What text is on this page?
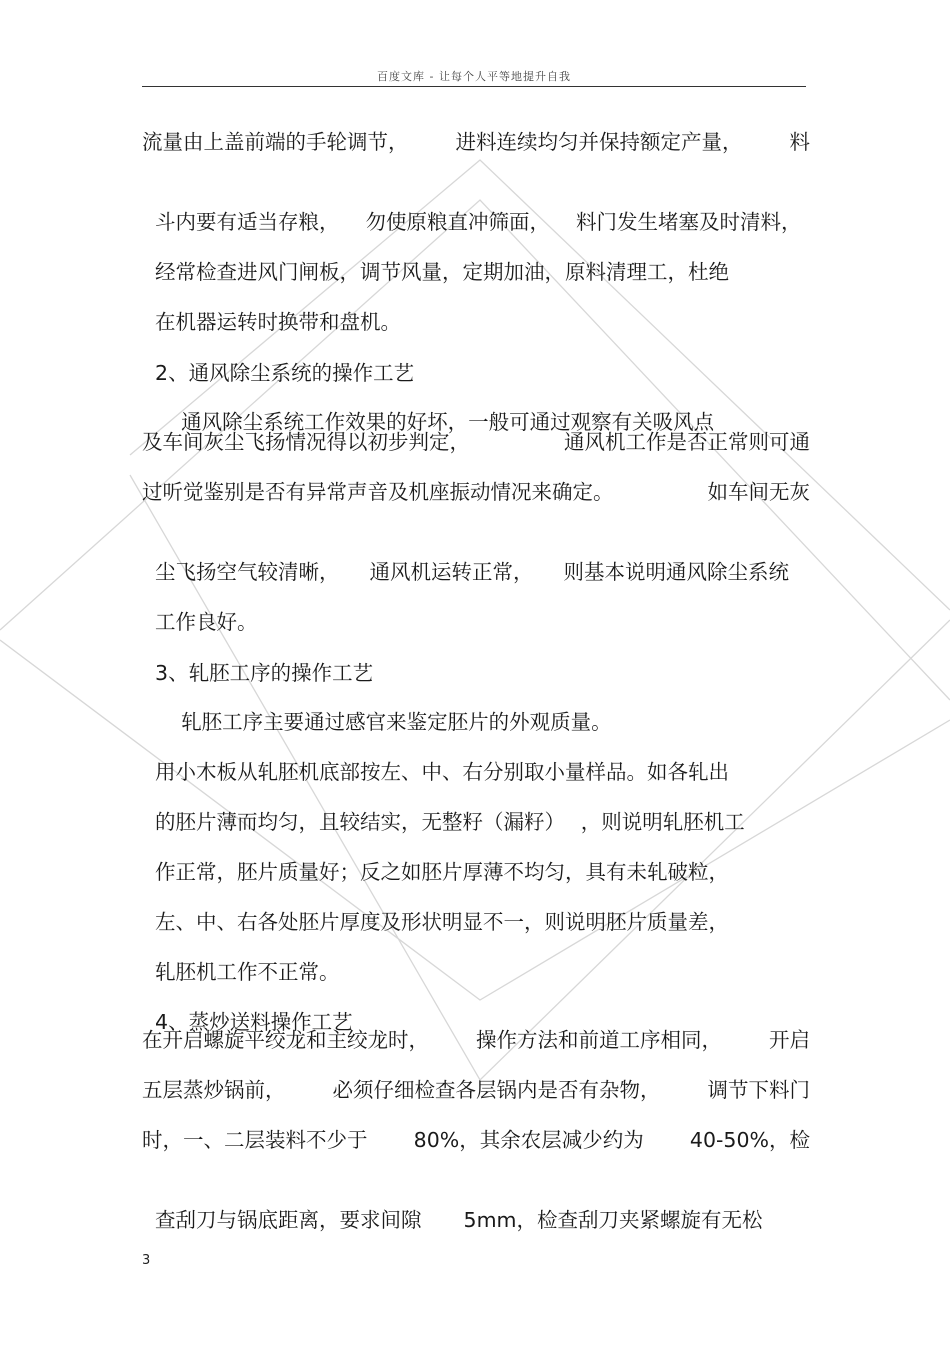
百度文库 - 让每个人平等地提升自我
流量由上盖前端的手轮调节， 进料连续均匀并保持额定产量， 料

斗内要有适当存粮， 勿使原粮直冲筛面， 料门发生堵塞及时清料，

经常检查进风门闸板，调节风量，定期加油，原料清理工，杜绝

在机器运转时换带和盘机。

2、通风除尘系统的操作工艺

通风除尘系统工作效果的好坏，一般可通过观察有关吸风点

及车间灰尘飞扬情况得以初步判定，	通风机工作是否正常则可通
过听觉鉴别是否有异常声音及机座振动情况来确定。	如车间无灰

尘飞扬空气较清晰， 通风机运转正常， 则基本说明通风除尘系统

工作良好。

3、轧胚工序的操作工艺

轧胚工序主要通过感官来鉴定胚片的外观质量。

用小木板从轧胚机底部按左、中、右分别取小量样品。如各轧出

的胚片薄而均匀，且较结实，无整籽（漏籽） ，则说明轧胚机工

作正常，胚片质量好；反之如胚片厚薄不均匀，具有未轧破粒，

左、中、右各处胚片厚度及形状明显不一，则说明胚片质量差，

轧胚机工作不正常。

4、蒸炒送料操作工艺

在开启螺旋平绞龙和主绞龙时， 操作方法和前道工序相同， 开启
五层蒸炒锅前， 必须仔细检查各层锅内是否有杂物， 调节下料门
时，一、二层装料不少于 80%，其余农层减少约为 40-50%，检

查刮刀与锅底距离，要求间隙 5mm，检查刮刀夹紧螺旋有无松

3
